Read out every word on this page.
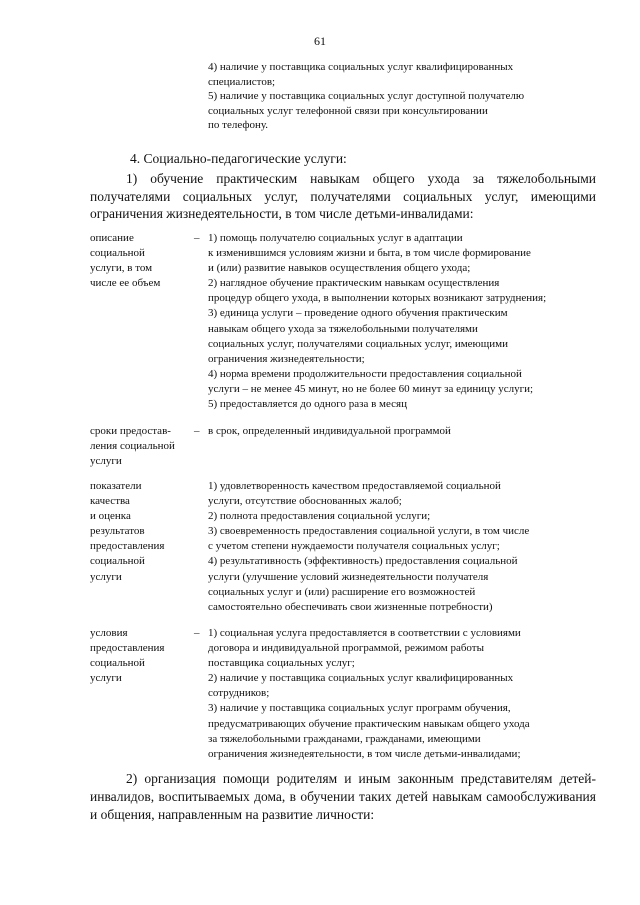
61
4) наличие у поставщика социальных услуг квалифицированных
специалистов;
5) наличие у поставщика социальных услуг доступной получателю
социальных услуг телефонной связи при консультировании
по телефону.
4. Социально-педагогические услуги:
1) обучение практическим навыкам общего ухода за тяжелобольными получателями социальных услуг, получателями социальных услуг, имеющими ограничения жизнедеятельности, в том числе детьми-инвалидами:
описание
социальной
услуги, в том
числе ее объем
– 1) помощь получателю социальных услуг в адаптации
к изменившимся условиям жизни и быта, в том числе формирование
и (или) развитие навыков осуществления общего ухода;
2) наглядное обучение практическим навыкам осуществления
процедур общего ухода, в выполнении которых возникают затруднения;
3) единица услуги – проведение одного обучения практическим
навыкам общего ухода за тяжелобольными получателями
социальных услуг, получателями социальных услуг, имеющими
ограничения жизнедеятельности;
4) норма времени продолжительности предоставления социальной
услуги – не менее 45 минут, но не более 60 минут за единицу услуги;
5) предоставляется до одного раза в месяц
сроки предостав-
ления социальной
услуги
– в срок, определенный индивидуальной программой
показатели
качества
и оценка
результатов
предоставления
социальной
услуги
1) удовлетворенность качеством предоставляемой социальной
услуги, отсутствие обоснованных жалоб;
2) полнота предоставления социальной услуги;
3) своевременность предоставления социальной услуги, в том числе
с учетом степени нуждаемости получателя социальных услуг;
4) результативность (эффективность) предоставления социальной
услуги (улучшение условий жизнедеятельности получателя
социальных услуг и (или) расширение его возможностей
самостоятельно обеспечивать свои жизненные потребности)
условия
предоставления
социальной
услуги
– 1) социальная услуга предоставляется в соответствии с условиями
договора и индивидуальной программой, режимом работы
поставщика социальных услуг;
2) наличие у поставщика социальных услуг квалифицированных
сотрудников;
3) наличие у поставщика социальных услуг программ обучения,
предусматривающих обучение практическим навыкам общего ухода
за тяжелобольными гражданами, гражданами, имеющими
ограничения жизнедеятельности, в том числе детьми-инвалидами;
2) организация помощи родителям и иным законным представителям детей-инвалидов, воспитываемых дома, в обучении таких детей навыкам самообслуживания и общения, направленным на развитие личности:
